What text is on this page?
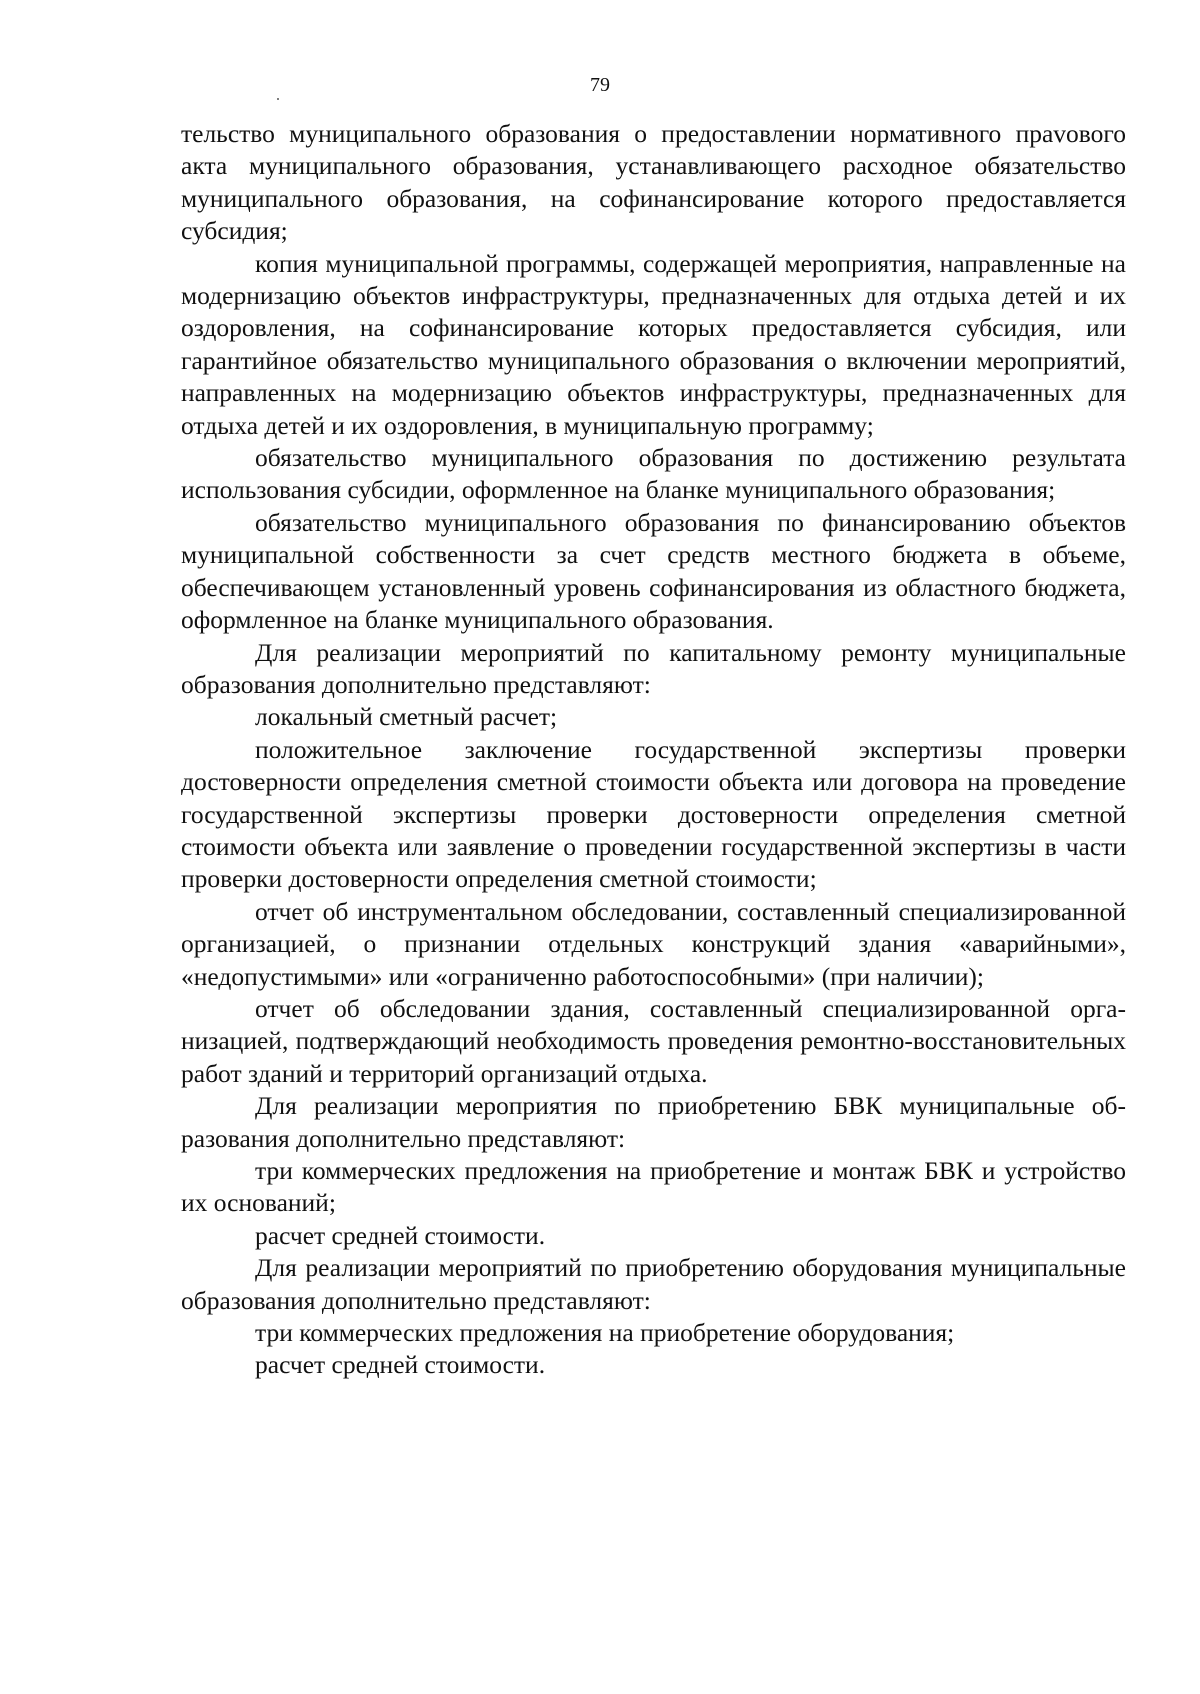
79

тельство муниципального образования о предоставлении нормативного праvового акта муниципального образования, устанавливающего расходное обязательство муниципального образования, на софинансирование которого предоставляется субсидия;

копия муниципальной программы, содержащей мероприятия, направленные на модернизацию объектов инфраструктуры, предназначенных для отдыха детей и их оздоровления, на софинансирование которых предоставляется субсидия, или гарантийное обязательство муниципального образования о включении мероприятий, направленных на модернизацию объектов инфраструктуры, предназначенных для отдыха детей и их оздоровления, в муниципальную программу;

обязательство муниципального образования по достижению результата использования субсидии, оформленное на бланке муниципального образования;

обязательство муниципального образования по финансированию объектов муниципальной собственности за счет средств местного бюджета в объеме, обеспечивающем установленный уровень софинансирования из областного бюджета, оформленное на бланке муниципального образования.

Для реализации мероприятий по капитальному ремонту муниципальные образования дополнительно представляют:

локальный сметный расчет;

положительное заключение государственной экспертизы проверки достоверности определения сметной стоимости объекта или договора на проведение государственной экспертизы проверки достоверности определения сметной стоимости объекта или заявление о проведении государственной экспертизы в части проверки достоверности определения сметной стоимости;

отчет об инструментальном обследовании, составленный специализированной организацией, о признании отдельных конструкций здания «аварийными», «недопустимыми» или «ограниченно работоспособными» (при наличии);

отчет об обследовании здания, составленный специализированной организацией, подтверждающий необходимость проведения ремонтно-восстановительных работ зданий и территорий организаций отдыха.

Для реализации мероприятия по приобретению БВК муниципальные образования дополнительно представляют:

три коммерческих предложения на приобретение и монтаж БВК и устройство их оснований;

расчет средней стоимости.

Для реализации мероприятий по приобретению оборудования муниципальные образования дополнительно представляют:

три коммерческих предложения на приобретение оборудования;

расчет средней стоимости.
